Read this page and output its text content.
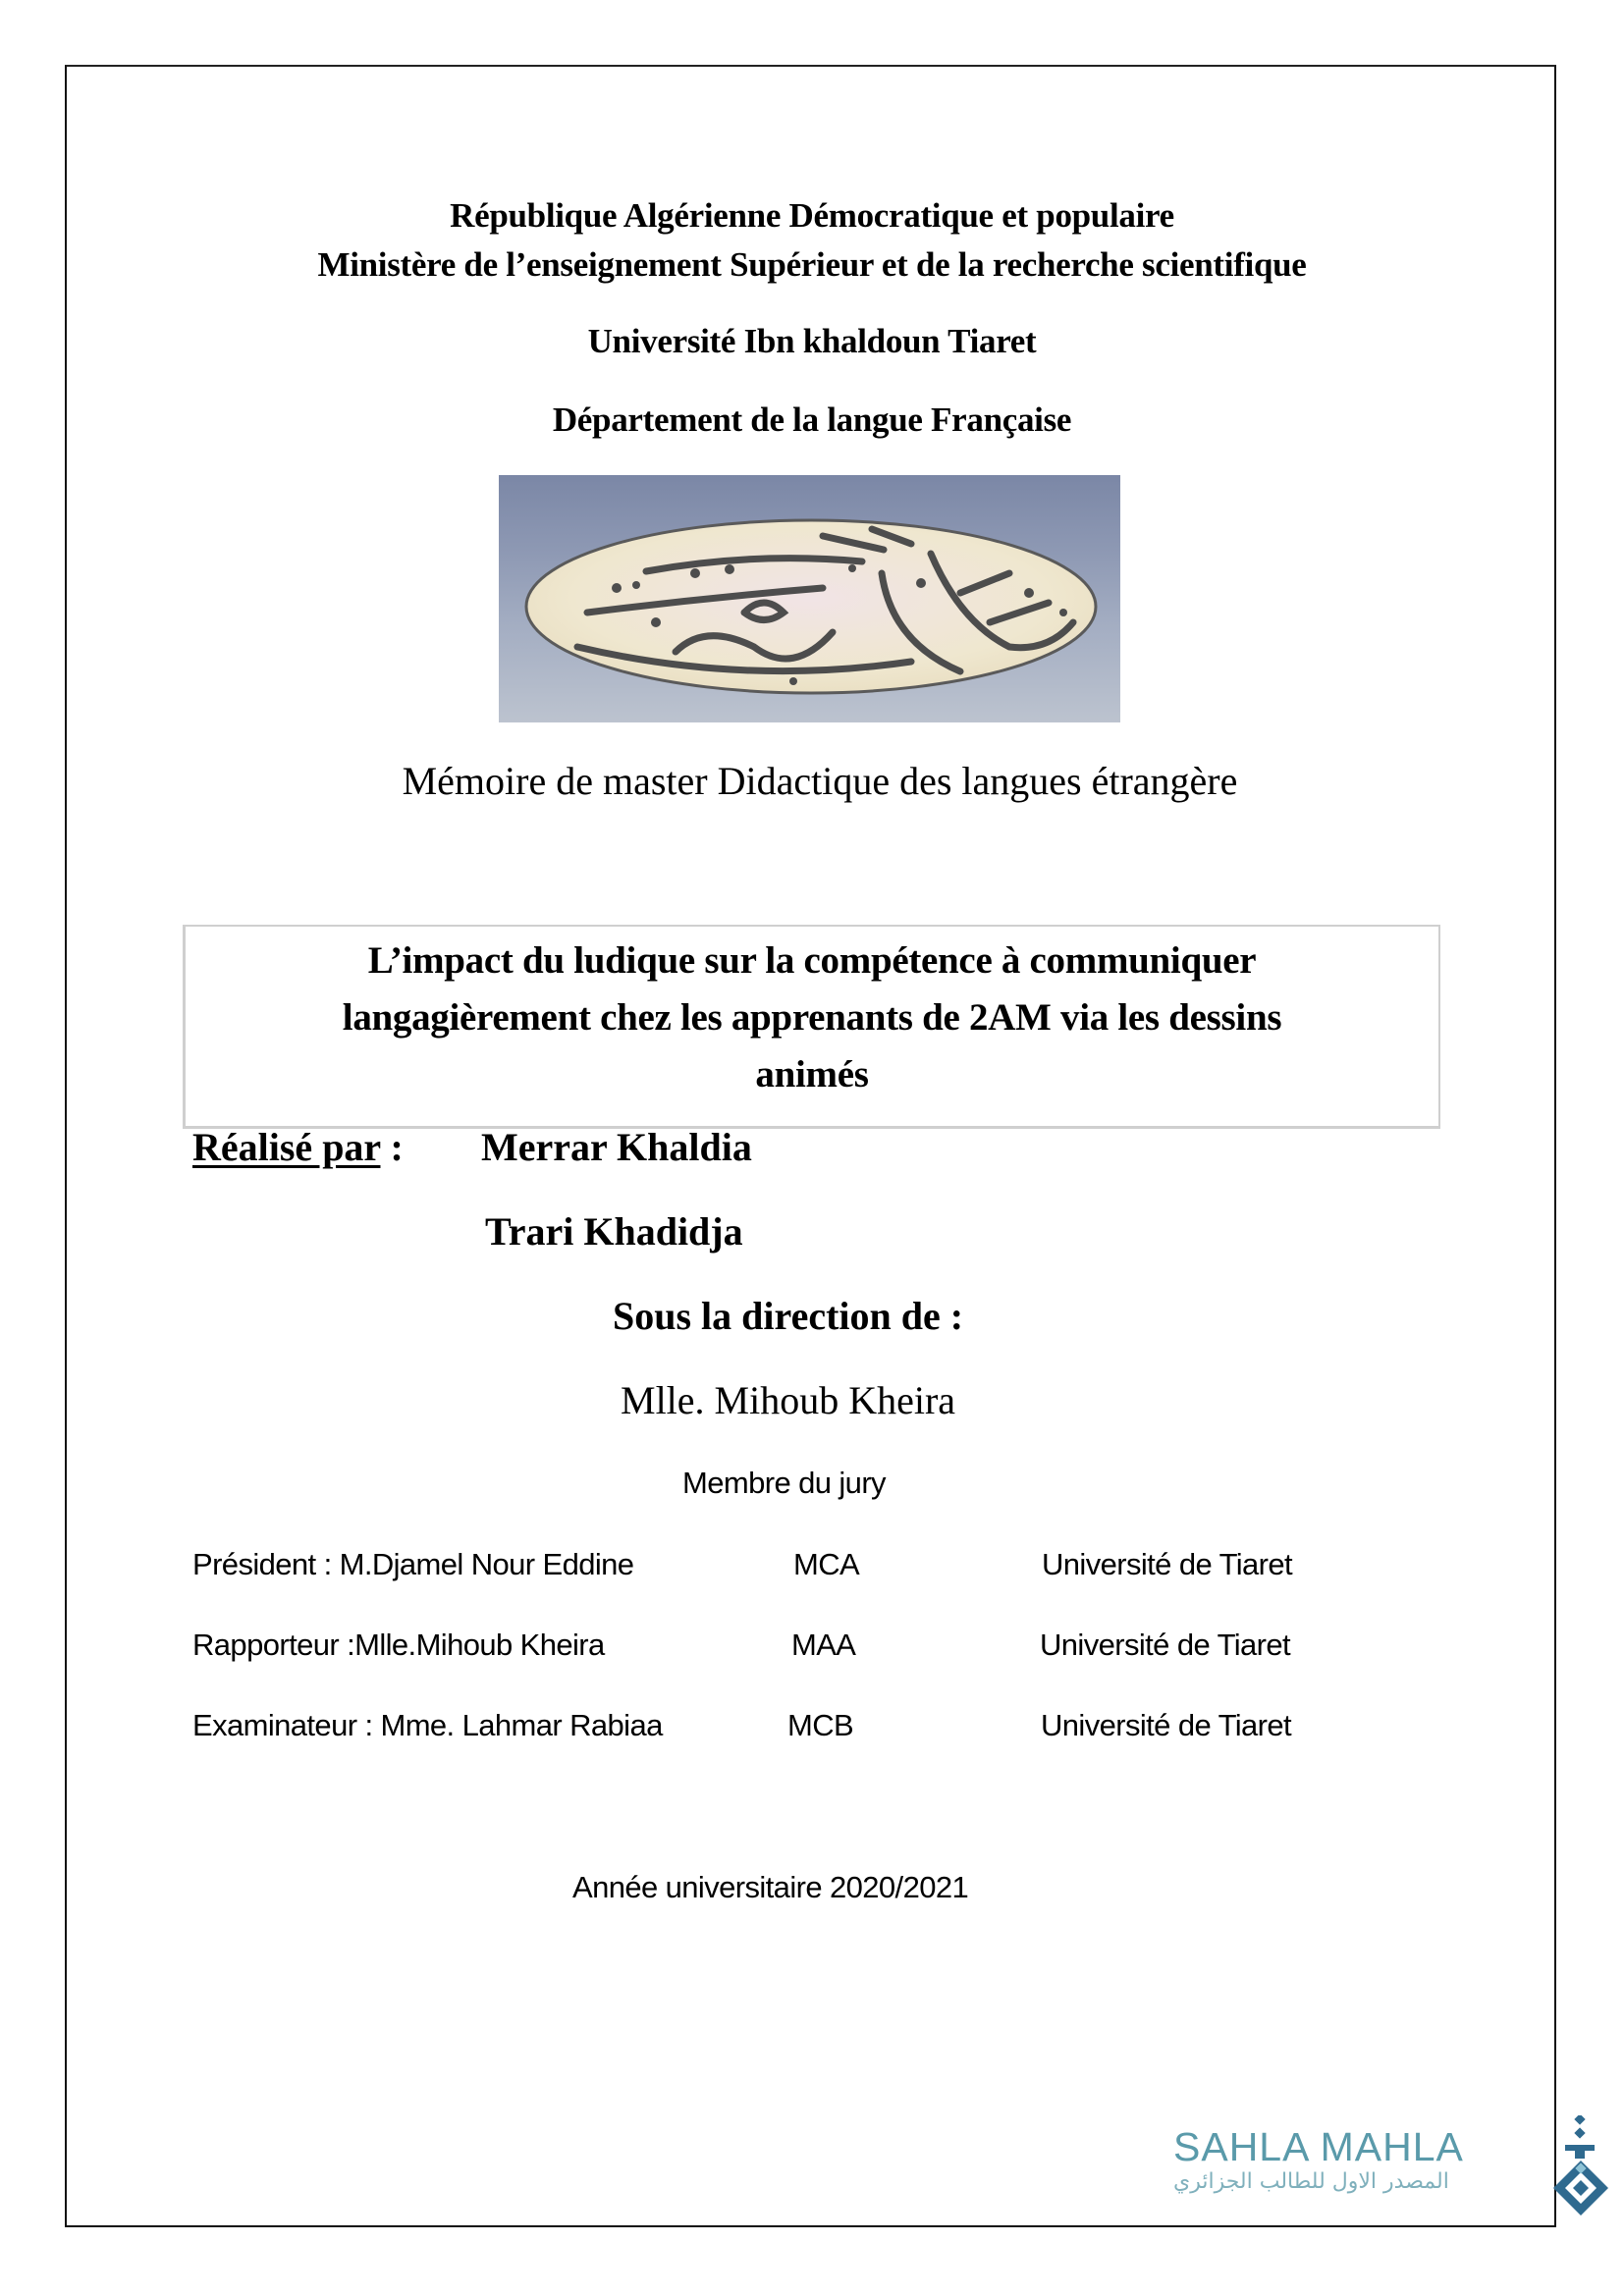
République Algérienne Démocratique et populaire
Ministère de l’enseignement Supérieur et de la recherche scientifique
Université Ibn khaldoun Tiaret
Département de la langue Française
Mémoire de master Didactique des langues étrangère
L’impact du ludique sur la compétence à communiquer
langagièrement chez les apprenants de 2AM via les dessins
animés
Réalisé par : Merrar Khaldia
Trari Khadidja
Sous la direction de :
Mlle. Mihoub Kheira
Membre du jury
Président : M.Djamel Nour Eddine	MCA	Université de Tiaret
Rapporteur :Mlle.Mihoub Kheira	MAA	Université de Tiaret
Examinateur : Mme. Lahmar Rabiaa	MCB	Université de Tiaret
Année universitaire 2020/2021
SAHLA MAHLA
المصدر الاول للطالب الجزائري
